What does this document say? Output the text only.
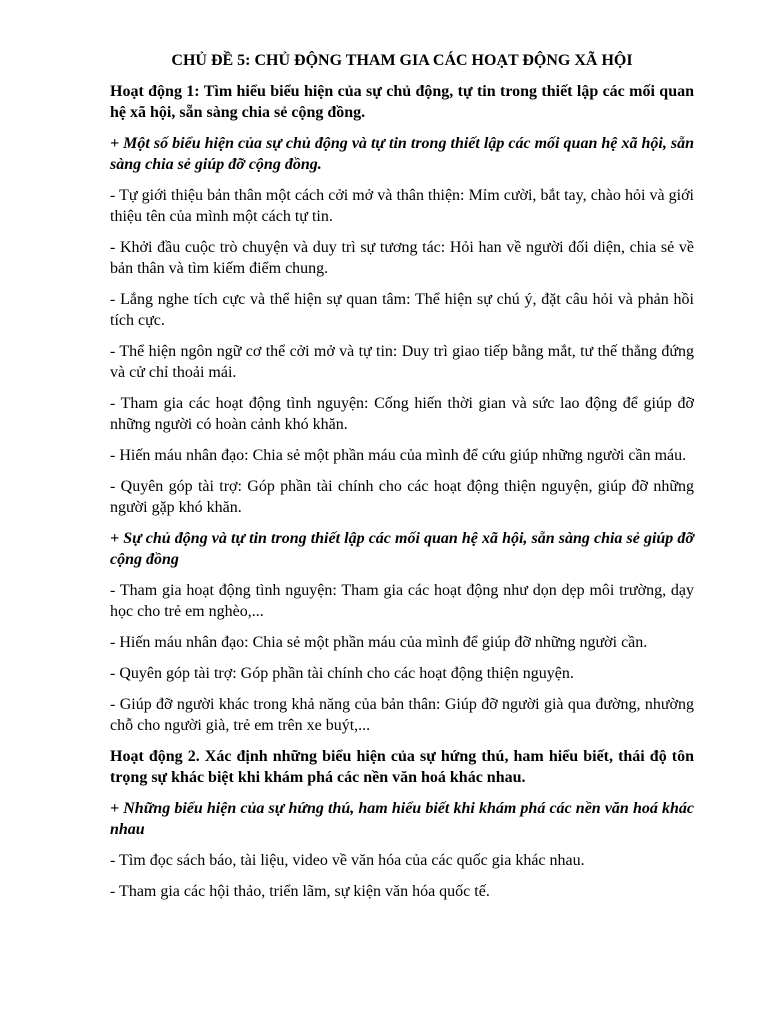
CHỦ ĐỀ 5: CHỦ ĐỘNG THAM GIA CÁC HOẠT ĐỘNG XÃ HỘI
Hoạt động 1: Tìm hiểu biểu hiện của sự chủ động, tự tin trong thiết lập các mối quan hệ xã hội, sẵn sàng chia sẻ cộng đồng.
+ Một số biểu hiện của sự chủ động và tự tin trong thiết lập các mối quan hệ xã hội, sẵn sàng chia sẻ giúp đỡ cộng đồng.
- Tự giới thiệu bản thân một cách cởi mở và thân thiện: Mỉm cười, bắt tay, chào hỏi và giới thiệu tên của mình một cách tự tin.
- Khởi đầu cuộc trò chuyện và duy trì sự tương tác: Hỏi han về người đối diện, chia sẻ về bản thân và tìm kiếm điểm chung.
- Lắng nghe tích cực và thể hiện sự quan tâm: Thể hiện sự chú ý, đặt câu hỏi và phản hồi tích cực.
- Thể hiện ngôn ngữ cơ thể cởi mở và tự tin: Duy trì giao tiếp bằng mắt, tư thế thẳng đứng và cử chỉ thoải mái.
- Tham gia các hoạt động tình nguyện: Cống hiến thời gian và sức lao động để giúp đỡ những người có hoàn cảnh khó khăn.
- Hiến máu nhân đạo: Chia sẻ một phần máu của mình để cứu giúp những người cần máu.
- Quyên góp tài trợ: Góp phần tài chính cho các hoạt động thiện nguyện, giúp đỡ những người gặp khó khăn.
+ Sự chủ động và tự tin trong thiết lập các mối quan hệ xã hội, sẵn sàng chia sẻ giúp đỡ cộng đồng
- Tham gia hoạt động tình nguyện: Tham gia các hoạt động như dọn dẹp môi trường, dạy học cho trẻ em nghèo,...
- Hiến máu nhân đạo: Chia sẻ một phần máu của mình để giúp đỡ những người cần.
- Quyên góp tài trợ: Góp phần tài chính cho các hoạt động thiện nguyện.
- Giúp đỡ người khác trong khả năng của bản thân: Giúp đỡ người già qua đường, nhường chỗ cho người già, trẻ em trên xe buýt,...
Hoạt động 2. Xác định những biểu hiện của sự hứng thú, ham hiểu biết, thái độ tôn trọng sự khác biệt khi khám phá các nền văn hoá khác nhau.
+ Những biểu hiện của sự hứng thú, ham hiểu biết khi khám phá các nền văn hoá khác nhau
- Tìm đọc sách báo, tài liệu, video về văn hóa của các quốc gia khác nhau.
- Tham gia các hội thảo, triển lãm, sự kiện văn hóa quốc tế.
